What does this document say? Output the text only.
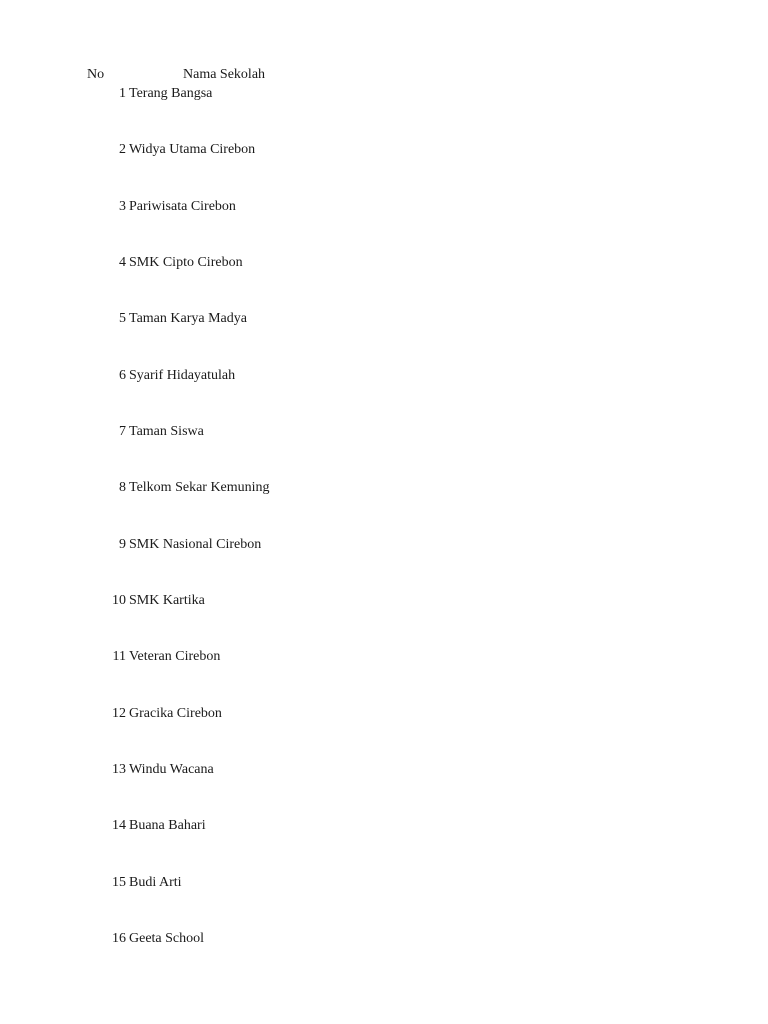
No	Nama Sekolah
1 Terang Bangsa
2 Widya Utama Cirebon
3 Pariwisata Cirebon
4 SMK Cipto Cirebon
5 Taman Karya Madya
6 Syarif Hidayatulah
7 Taman Siswa
8 Telkom Sekar Kemuning
9 SMK Nasional Cirebon
10 SMK Kartika
11 Veteran Cirebon
12 Gracika Cirebon
13 Windu Wacana
14 Buana Bahari
15 Budi Arti
16 Geeta School
